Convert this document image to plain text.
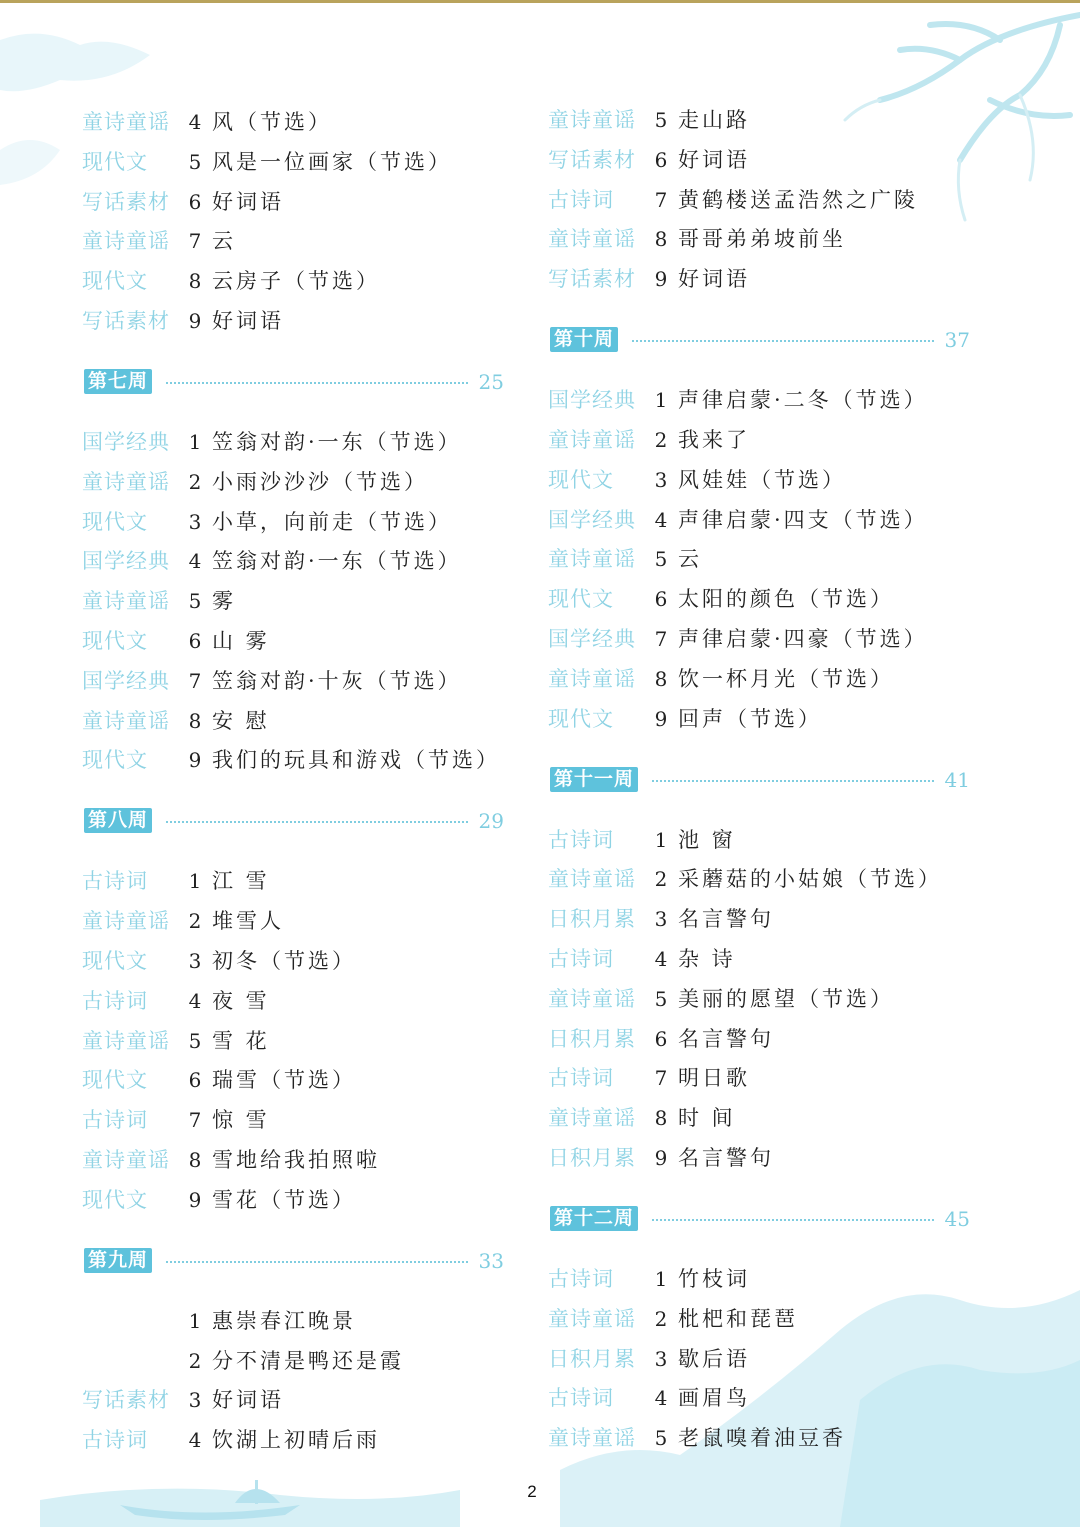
童诗童谣 4 风（节选）
现代文	5 风是一位画家（节选）
写话素材 6 好词语
童诗童谣 7 云
现代文	8 云房子（节选）
写话素材 9 好词语
第七周	25
国学经典 1 笠翁对韵·一东（节选）
童诗童谣 2 小雨沙沙沙（节选）
现代文	3 小草，向前走（节选）
国学经典 4 笠翁对韵·一东（节选）
童诗童谣 5 雾
现代文	6 山 雾
国学经典 7 笠翁对韵·十灰（节选）
童诗童谣 8 安 慰
现代文	9 我们的玩具和游戏（节选）
第八周	29
古诗词	1 江 雪
童诗童谣 2 堆雪人
现代文	3 初冬（节选）
古诗词	4 夜 雪
童诗童谣 5 雪 花
现代文	6 瑞雪（节选）
古诗词	7 惊 雪
童诗童谣 8 雪地给我拍照啦
现代文	9 雪花（节选）
第九周	33
1 惠崇春江晚景
2 分不清是鸭还是霞
写话素材 3 好词语
古诗词	4 饮湖上初晴后雨
童诗童谣 5 走山路
写话素材 6 好词语
古诗词	7 黄鹤楼送孟浩然之广陵
童诗童谣 8 哥哥弟弟坡前坐
写话素材 9 好词语
第十周	37
国学经典 1 声律启蒙·二冬（节选）
童诗童谣 2 我来了
现代文	3 风娃娃（节选）
国学经典 4 声律启蒙·四支（节选）
童诗童谣 5 云
现代文	6 太阳的颜色（节选）
国学经典 7 声律启蒙·四豪（节选）
童诗童谣 8 饮一杯月光（节选）
现代文	9 回声（节选）
第十一周	41
古诗词	1 池 窗
童诗童谣 2 采蘑菇的小姑娘（节选）
日积月累 3 名言警句
古诗词	4 杂 诗
童诗童谣 5 美丽的愿望（节选）
日积月累 6 名言警句
古诗词	7 明日歌
童诗童谣 8 时 间
日积月累 9 名言警句
第十二周	45
古诗词	1 竹枝词
童诗童谣 2 枇杷和琵琶
日积月累 3 歇后语
古诗词	4 画眉鸟
童诗童谣 5 老鼠嗅着油豆香
2
